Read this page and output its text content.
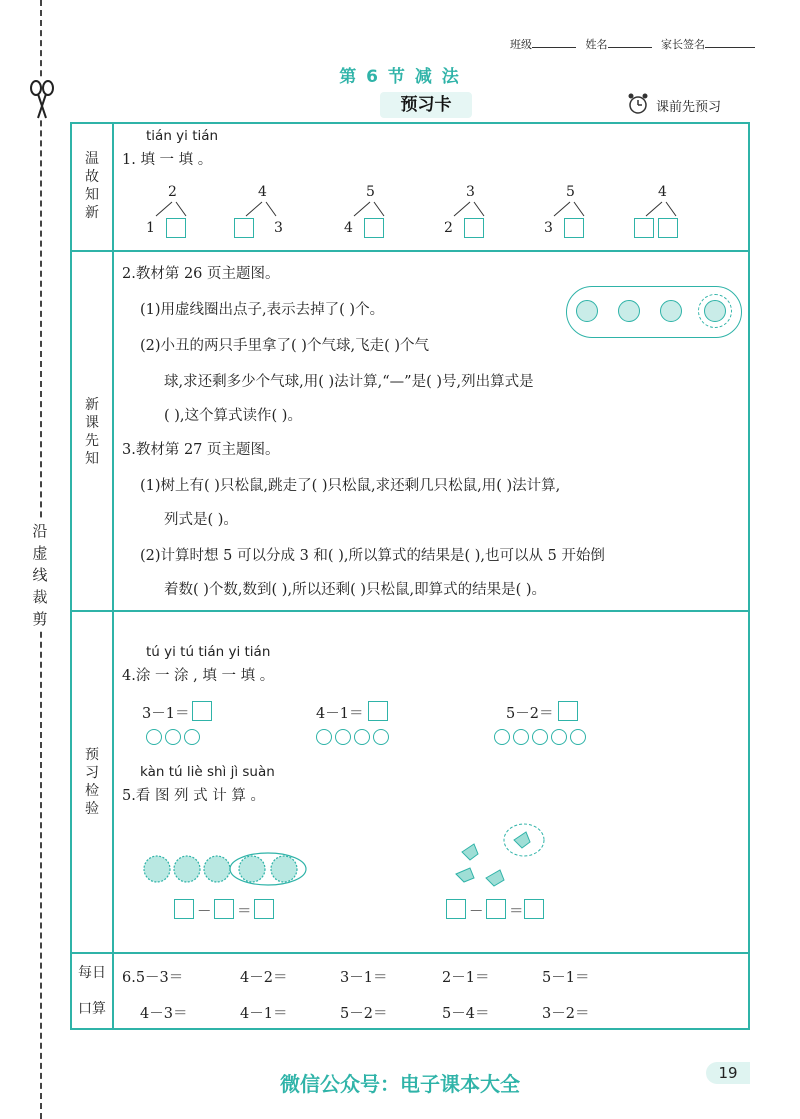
沿虚线裁剪
班级	姓名	家长签名
第 6 节 减 法
预习卡	课前先预习
温故知新
新课先知
预习检验
每日
口算
tián yi tián
1. 填 一 填 。
2
1
4
3
5
4
3
2
5
3
4
2.教材第 26 页主题图。
(1)用虚线圈出点子,表示去掉了( )个。
(2)小丑的两只手里拿了( )个气球,飞走( )个气
球,求还剩多少个气球,用( )法计算,“—”是( )号,列出算式是
( ),这个算式读作( )。
3.教材第 27 页主题图。
(1)树上有( )只松鼠,跳走了( )只松鼠,求还剩几只松鼠,用( )法计算,
列式是( )。
(2)计算时想 5 可以分成 3 和( ),所以算式的结果是( ),也可以从 5 开始倒
着数( )个数,数到( ),所以还剩( )只松鼠,即算式的结果是( )。
tú yi tú tián yi tián
4.涂 一 涂 , 填 一 填 。
3－1＝	4－1＝	5－2＝
kàn tú liè shì jì suàn
5.看 图 列 式 计 算 。
－ ＝	－ ＝
6.5－3＝	4－2＝	3－1＝	2－1＝	5－1＝
4－3＝	4－1＝	5－2＝	5－4＝	3－2＝
微信公众号：电子课本大全	19
